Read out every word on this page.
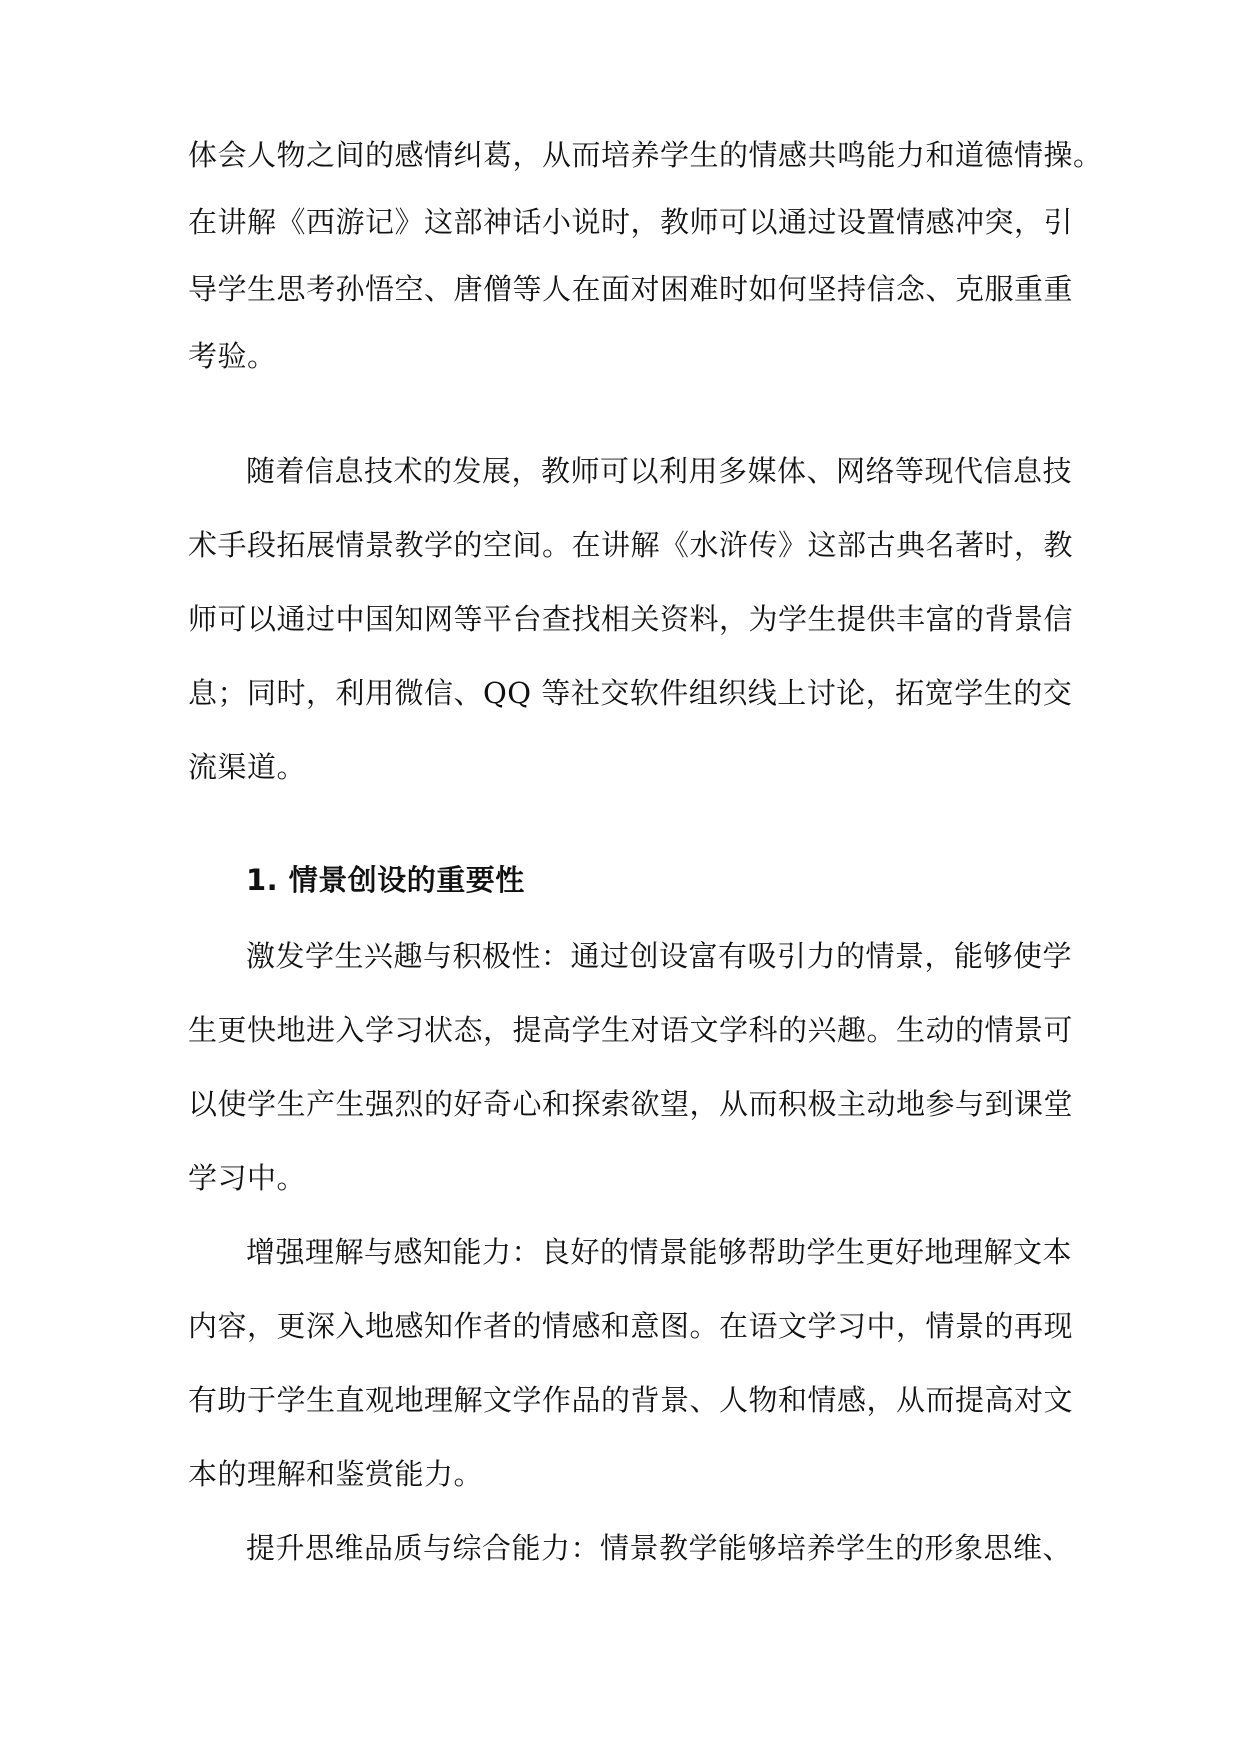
体会人物之间的感情纠葛，从而培养学生的情感共鸣能力和道德情操。
在讲解《西游记》这部神话小说时，教师可以通过设置情感冲突，引
导学生思考孙悟空、唐僧等人在面对困难时如何坚持信念、克服重重
考验。
随着信息技术的发展，教师可以利用多媒体、网络等现代信息技
术手段拓展情景教学的空间。在讲解《水浒传》这部古典名著时，教
师可以通过中国知网等平台查找相关资料，为学生提供丰富的背景信
息；同时，利用微信、QQ 等社交软件组织线上讨论，拓宽学生的交
流渠道。
1. 情景创设的重要性
激发学生兴趣与积极性：通过创设富有吸引力的情景，能够使学
生更快地进入学习状态，提高学生对语文学科的兴趣。生动的情景可
以使学生产生强烈的好奇心和探索欲望，从而积极主动地参与到课堂
学习中。
增强理解与感知能力：良好的情景能够帮助学生更好地理解文本
内容，更深入地感知作者的情感和意图。在语文学习中，情景的再现
有助于学生直观地理解文学作品的背景、人物和情感，从而提高对文
本的理解和鉴赏能力。
提升思维品质与综合能力：情景教学能够培养学生的形象思维、
